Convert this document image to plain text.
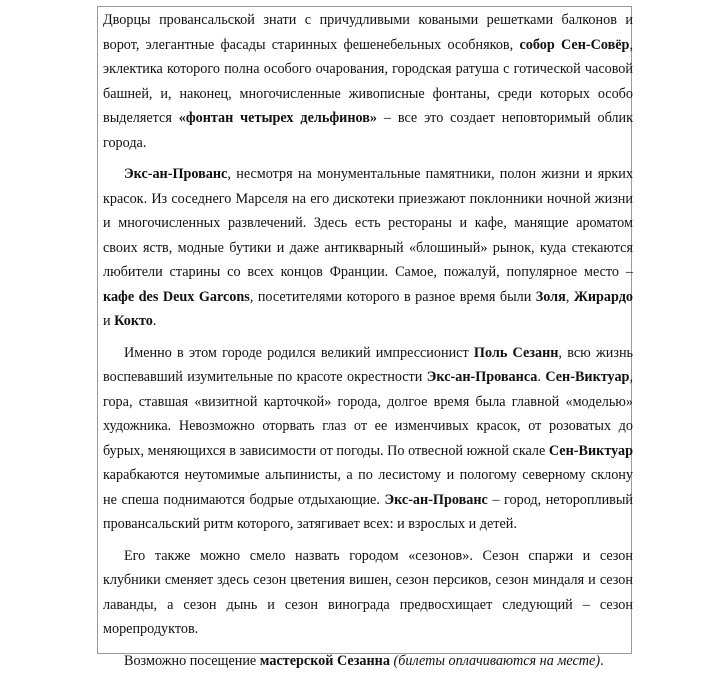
Дворцы провансальской знати с причудливыми коваными решетками балконов и ворот, элегантные фасады старинных фешенебельных особняков, собор Сен-Совёр, эклектика которого полна особого очарования, городская ратуша с готической часовой башней, и, наконец, многочисленные живописные фонтаны, среди которых особо выделяется «фонтан четырех дельфинов» – все это создает неповторимый облик города.

Экс-ан-Прованс, несмотря на монументальные памятники, полон жизни и ярких красок. Из соседнего Марселя на его дискотеки приезжают поклонники ночной жизни и многочисленных развлечений. Здесь есть рестораны и кафе, манящие ароматом своих яств, модные бутики и даже антикварный «блошиный» рынок, куда стекаются любители старины со всех концов Франции. Самое, пожалуй, популярное место – кафе des Deux Garcons, посетителями которого в разное время были Золя, Жирардо и Кокто.

Именно в этом городе родился великий импрессионист Поль Сезанн, всю жизнь воспевавший изумительные по красоте окрестности Экс-ан-Прованса. Сен-Виктуар, гора, ставшая «визитной карточкой» города, долгое время была главной «моделью» художника. Невозможно оторвать глаз от ее изменчивых красок, от розоватых до бурых, меняющихся в зависимости от погоды. По отвесной южной скале Сен-Виктуар карабкаются неутомимые альпинисты, а по лесистому и пологому северному склону не спеша поднимаются бодрые отдыхающие. Экс-ан-Прованс – город, неторопливый провансальский ритм которого, затягивает всех: и взрослых и детей.

Его также можно смело назвать городом «сезонов». Сезон спаржи и сезон клубники сменяет здесь сезон цветения вишен, сезон персиков, сезон миндаля и сезон лаванды, а сезон дынь и сезон винограда предвосхищает следующий – сезон морепродуктов.

Возможно посещение мастерской Сезанна (билеты оплачиваются на месте).
